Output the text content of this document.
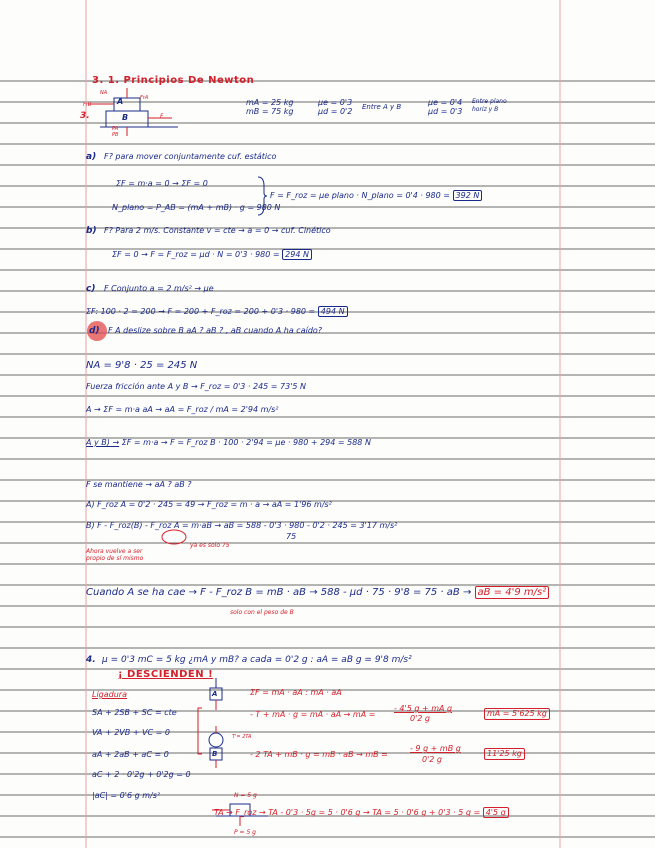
3. 1. Principios De Newton
3.
A
B
NA
FrA
FrB
F
PA
PB
mA = 25 kg
mB = 75 kg
μe = 0'3
μd = 0'2 Entre A y B	μe = 0'4
μd = 0'3
Entre plano horiz y B
a) F? para mover conjuntamente cuf. estático
ΣF = m·a = 0 → ΣF = 0
N_plano = P_AB = (mA + mB) · g = 980 N
F = F_roz = μe plano · N_plano = 0'4 · 980 = 392 N
b) F? Para 2 m/s. Constante v = cte → a = 0 → cuf. Cinético
ΣF = 0 → F = F_roz = μd · N = 0'3 · 980 = 294 N
c) F Conjunto a = 2 m/s² → μe
ΣF: 100 · 2 = 200 → F = 200 + F_roz = 200 + 0'3 · 980 = 494 N
d) F A deslize sobre B aA ? aB ? , aB cuando A ha caído?
NA = 9'8 · 25 = 245 N
Fuerza fricción ante A y B → F_roz = 0'3 · 245 = 73'5 N
A → ΣF = m·a aA → aA = F_roz / mA = 2'94 m/s²
A y B) → ΣF = m·a → F = F_roz B · 100 · 2'94 = μe · 980 + 294 = 588 N
F se mantiene → aA ? aB ?
A) F_roz A = 0'2 · 245 = 49 → F_roz = m · a → aA = 1'96 m/s²
B) F - F_roz(B) - F_roz A = m·aB → aB = 588 - 0'3 · 980 - 0'2 · 245 = 3'17 m/s²
75
Ahora vuelve a ser propio de sí mismo
ya es solo 75
Cuando A se ha cae → F - F_roz B = mB · aB → 588 - μd · 75 · 9'8 = 75 · aB → aB = 4'9 m/s²
solo con el peso de B
4. μ = 0'3 mC = 5 kg ¿mA y mB? a cada = 0'2 g : aA = aB g = 9'8 m/s²
¡ DESCIENDEN !
Ligadura
SA + 2SB + SC = cte
VA + 2VB + VC = 0
aA + 2aB + aC = 0
aC + 2 · 0'2g + 0'2g = 0
|aC| = 0'6 g m/s²
A
B
T'= 2TA
ΣF = mA · aA : mA · aA
- T + mA · g = mA · aA → mA =
- 4'5 g + mA g
0'2 g
mA = 5'625 kg
- 2 TA + mB · g = mB · aB → mB =
- 9 g + mB g
0'2 g
11'25 kg
N = 5 g
TA → F_roz → TA - 0'3 · 5g = 5 · 0'6 g → TA = 5 · 0'6 g + 0'3 · 5 g = 4'5 g
P = 5 g
